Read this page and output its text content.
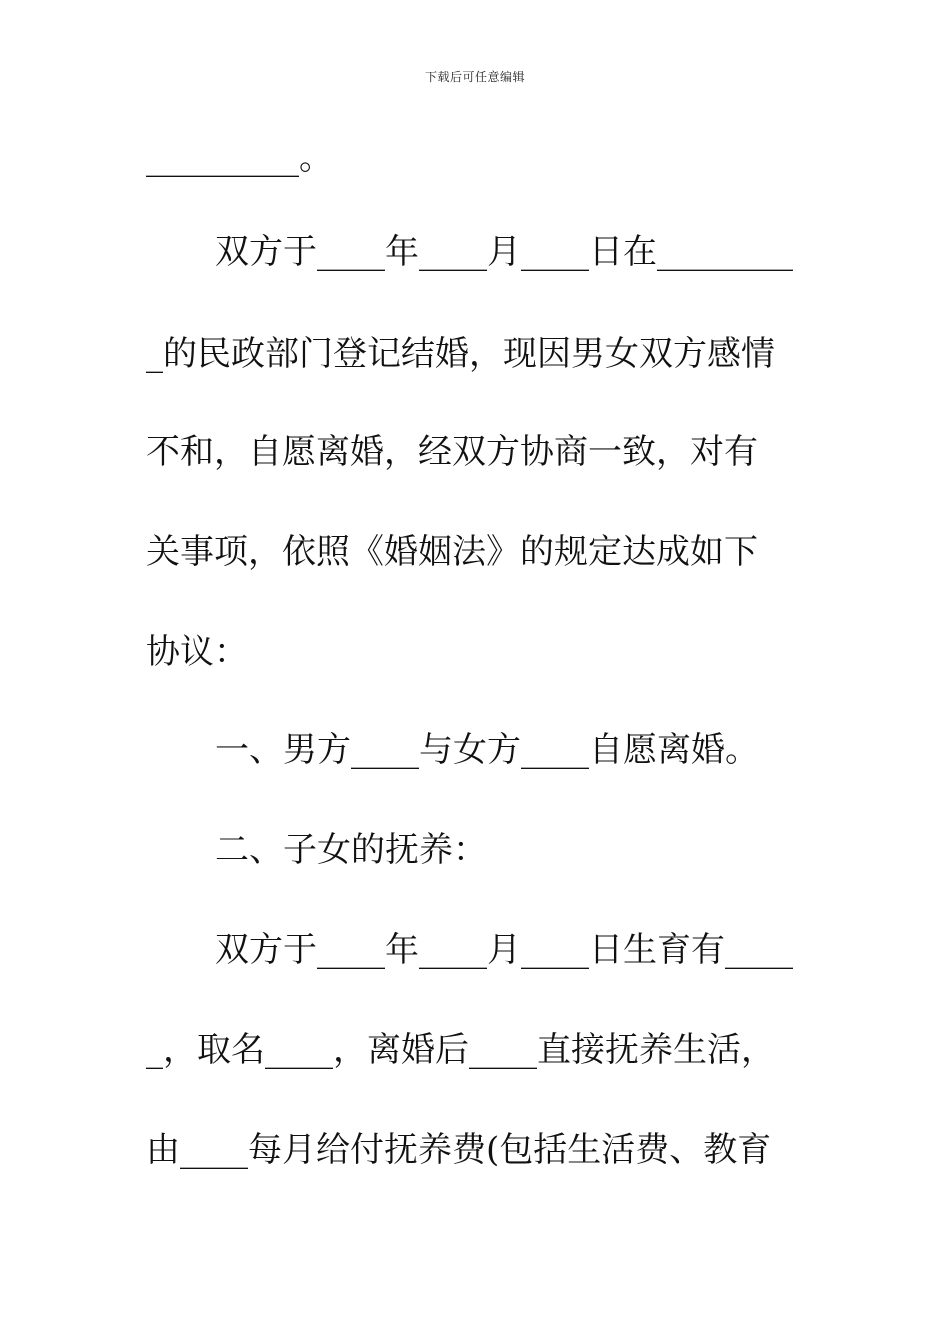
下载后可任意编辑
_________。
双方于____年____月____日在________
_的民政部门登记结婚，现因男女双方感情
不和，自愿离婚，经双方协商一致，对有
关事项，依照《婚姻法》的规定达成如下
协议：
一、男方____与女方____自愿离婚。
二、子女的抚养：
双方于____年____月____日生育有____
_，取名____，离婚后____直接抚养生活，
由____每月给付抚养费(包括生活费、教育
